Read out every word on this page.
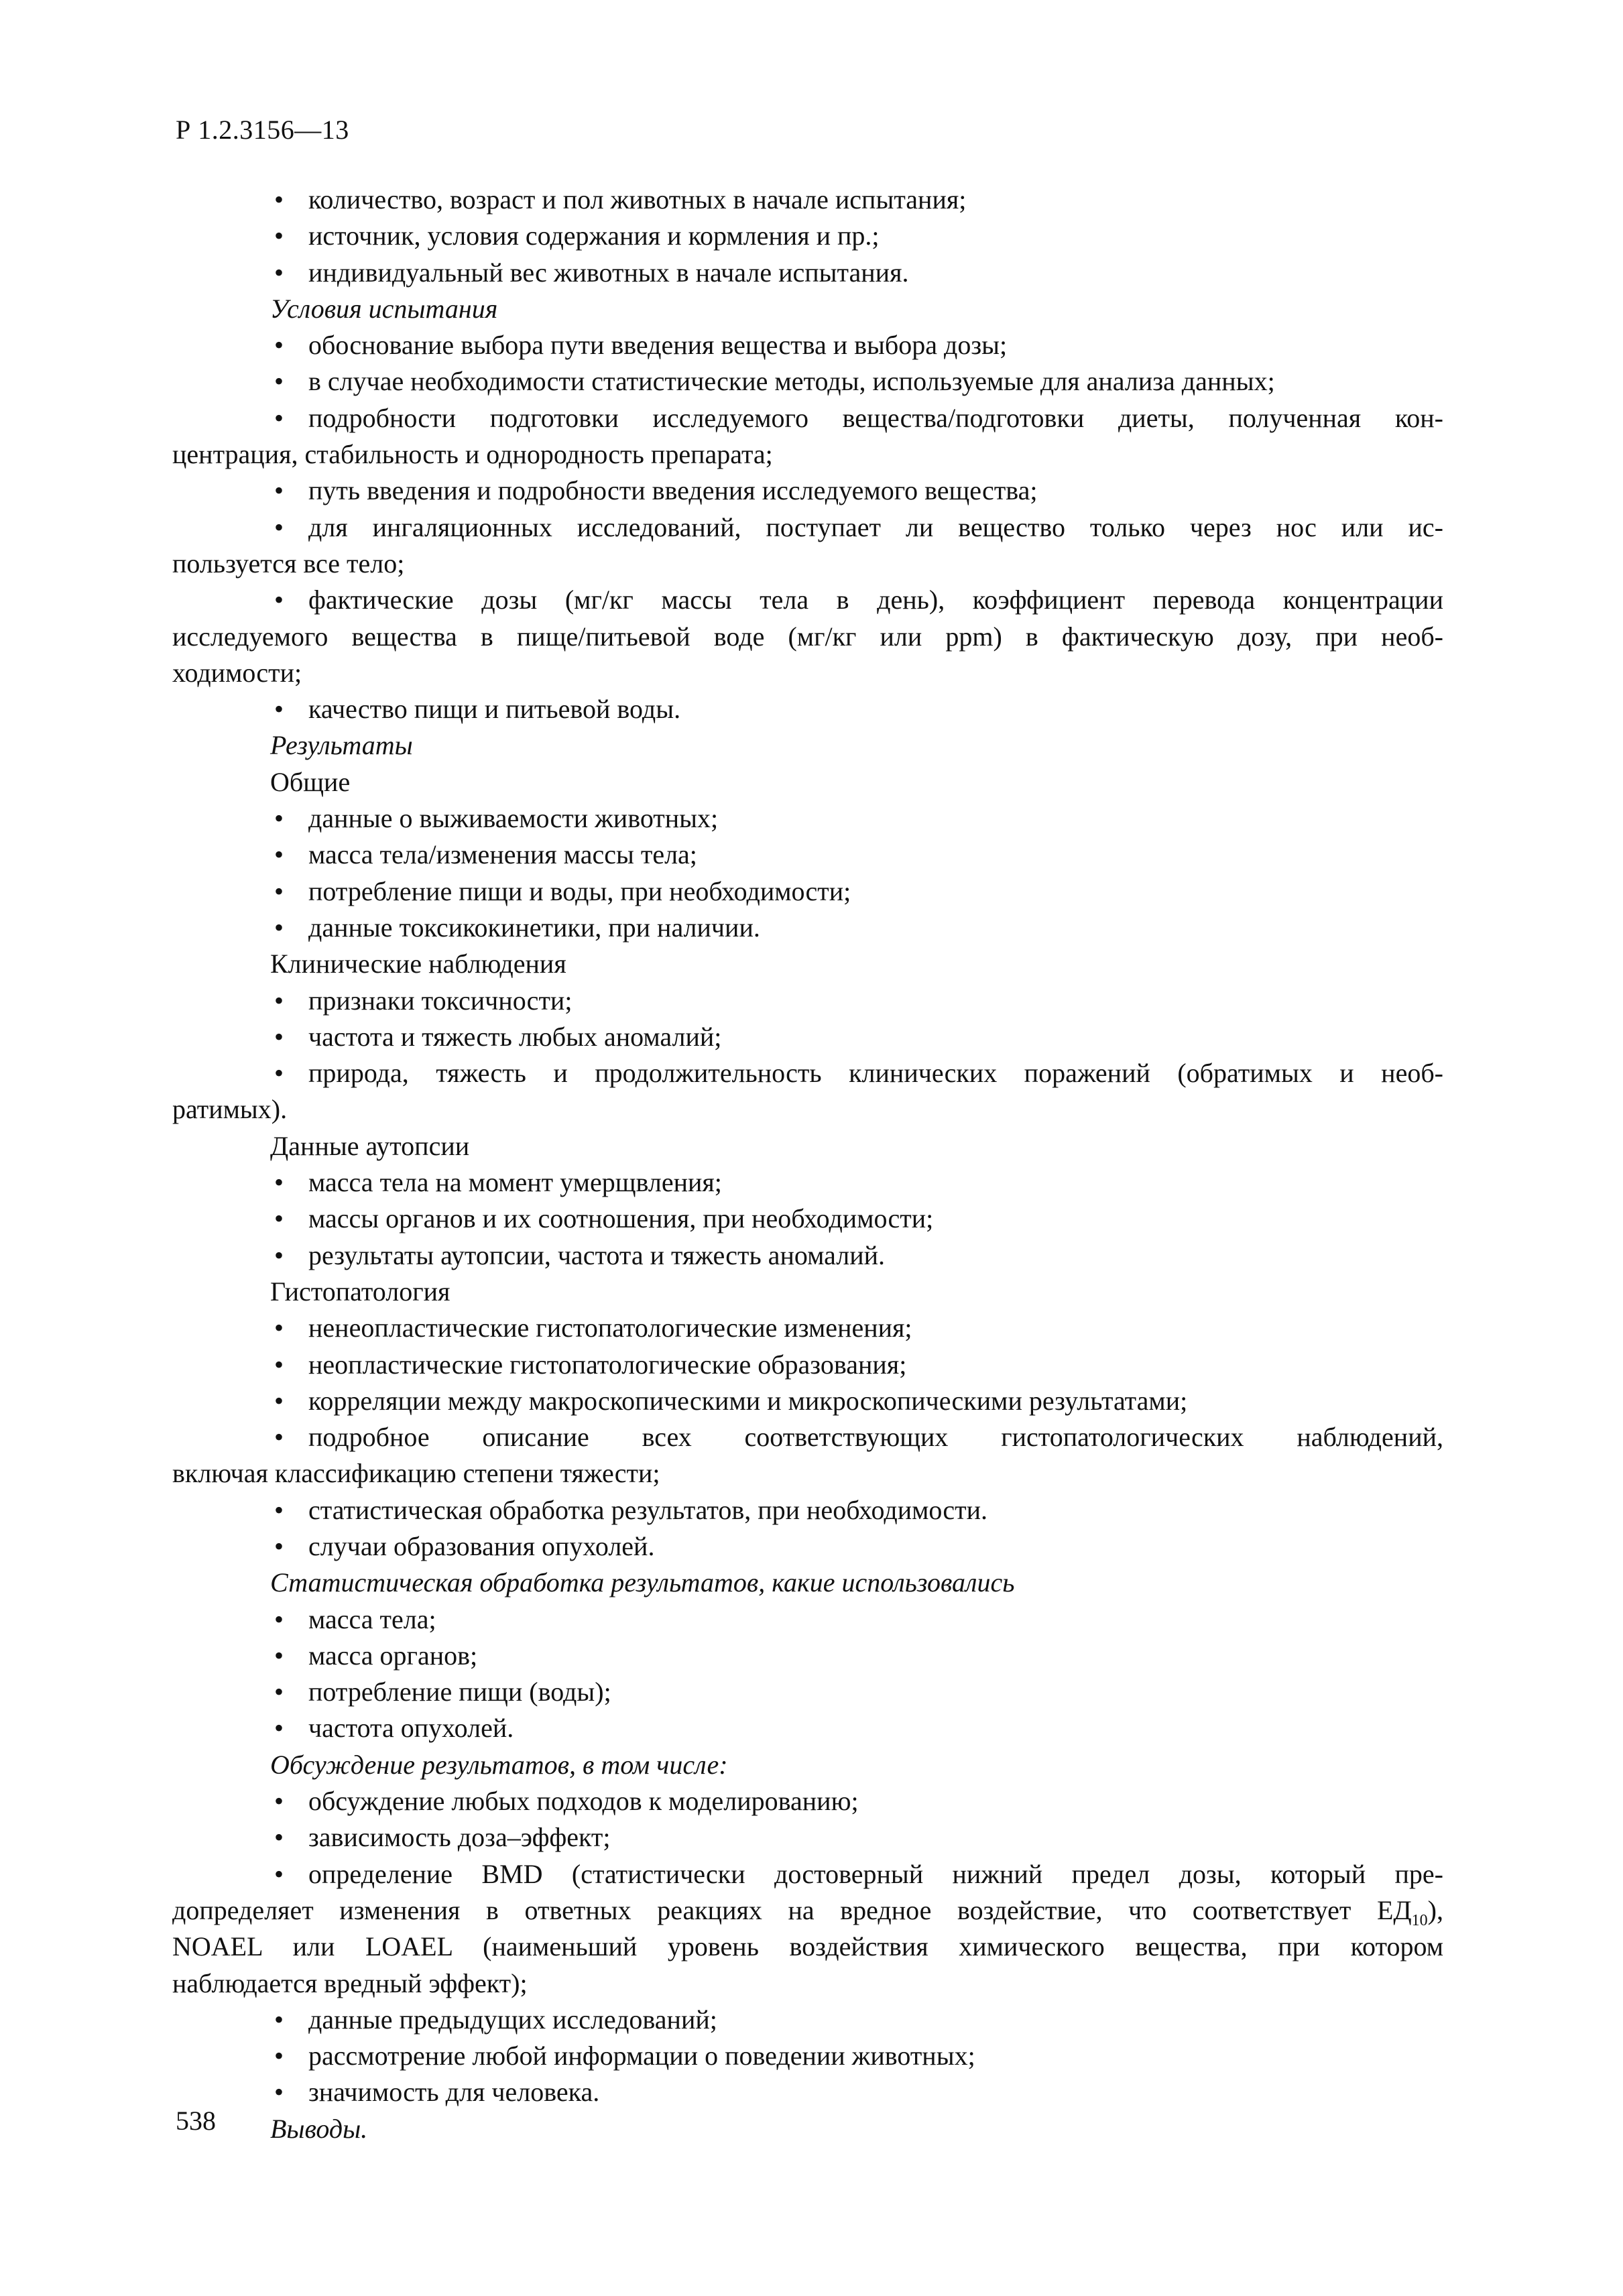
Р 1.2.3156—13
• количество, возраст и пол животных в начале испытания;
• источник, условия содержания и кормления и пр.;
• индивидуальный вес животных в начале испытания.
Условия испытания
• обоснование выбора пути введения вещества и выбора дозы;
• в случае необходимости статистические методы, используемые для анализа данных;
• подробности подготовки исследуемого вещества/подготовки диеты, полученная кон-
центрация, стабильность и однородность препарата;
• путь введения и подробности введения исследуемого вещества;
• для ингаляционных исследований, поступает ли вещество только через нос или ис-
пользуется все тело;
• фактические дозы (мг/кг массы тела в день), коэффициент перевода концентрации
исследуемого вещества в пище/питьевой воде (мг/кг или ppm) в фактическую дозу, при необ-
ходимости;
• качество пищи и питьевой воды.
Результаты
Общие
• данные о выживаемости животных;
• масса тела/изменения массы тела;
• потребление пищи и воды, при необходимости;
• данные токсикокинетики, при наличии.
Клинические наблюдения
• признаки токсичности;
• частота и тяжесть любых аномалий;
• природа, тяжесть и продолжительность клинических поражений (обратимых и необ-
ратимых).
Данные аутопсии
• масса тела на момент умерщвления;
• массы органов и их соотношения, при необходимости;
• результаты аутопсии, частота и тяжесть аномалий.
Гистопатология
• ненеопластические гистопатологические изменения;
• неопластические гистопатологические образования;
• корреляции между макроскопическими и микроскопическими результатами;
• подробное описание всех соответствующих гистопатологических наблюдений,
включая классификацию степени тяжести;
• статистическая обработка результатов, при необходимости.
• случаи образования опухолей.
Статистическая обработка результатов, какие использовались
• масса тела;
• масса органов;
• потребление пищи (воды);
• частота опухолей.
Обсуждение результатов, в том числе:
• обсуждение любых подходов к моделированию;
• зависимость доза–эффект;
• определение BMD (статистически достоверный нижний предел дозы, который пре-
допределяет изменения в ответных реакциях на вредное воздействие, что соответствует $ЕД_{10}$),
NOAEL или LOAEL (наименьший уровень воздействия химического вещества, при котором
наблюдается вредный эффект);
• данные предыдущих исследований;
• рассмотрение любой информации о поведении животных;
• значимость для человека.
Выводы.
538
